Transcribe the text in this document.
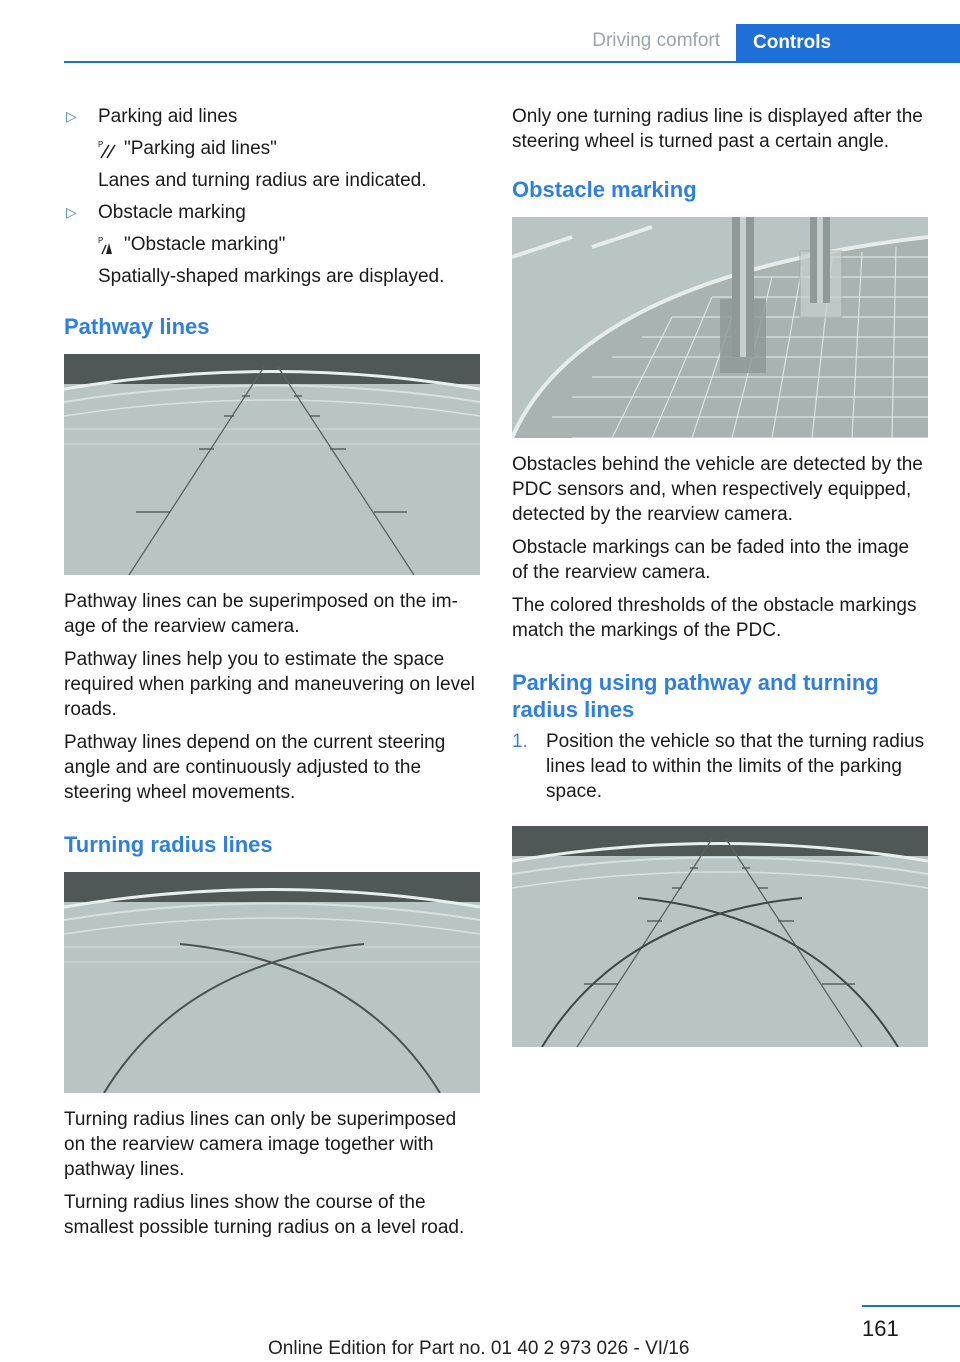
Driving comfort	Controls
▷ Parking aid lines
P "Parking aid lines"
Lanes and turning radius are indicated.
▷ Obstacle marking
P "Obstacle marking"
Spatially-shaped markings are displayed.
Pathway lines

Pathway lines can be superimposed on the image of the rearview camera.

Pathway lines help you to estimate the space required when parking and maneuvering on level roads.

Pathway lines depend on the current steering angle and are continuously adjusted to the steering wheel movements.

Turning radius lines

Turning radius lines can only be superimposed on the rearview camera image together with pathway lines.

Turning radius lines show the course of the smallest possible turning radius on a level road.

Only one turning radius line is displayed after the steering wheel is turned past a certain angle.

Obstacle marking

Obstacles behind the vehicle are detected by the PDC sensors and, when respectively equipped, detected by the rearview camera.

Obstacle markings can be faded into the image of the rearview camera.

The colored thresholds of the obstacle markings match the markings of the PDC.

Parking using pathway and turning radius lines

1. Position the vehicle so that the turning radius lines lead to within the limits of the parking space.

161
Online Edition for Part no. 01 40 2 973 026 - VI/16
